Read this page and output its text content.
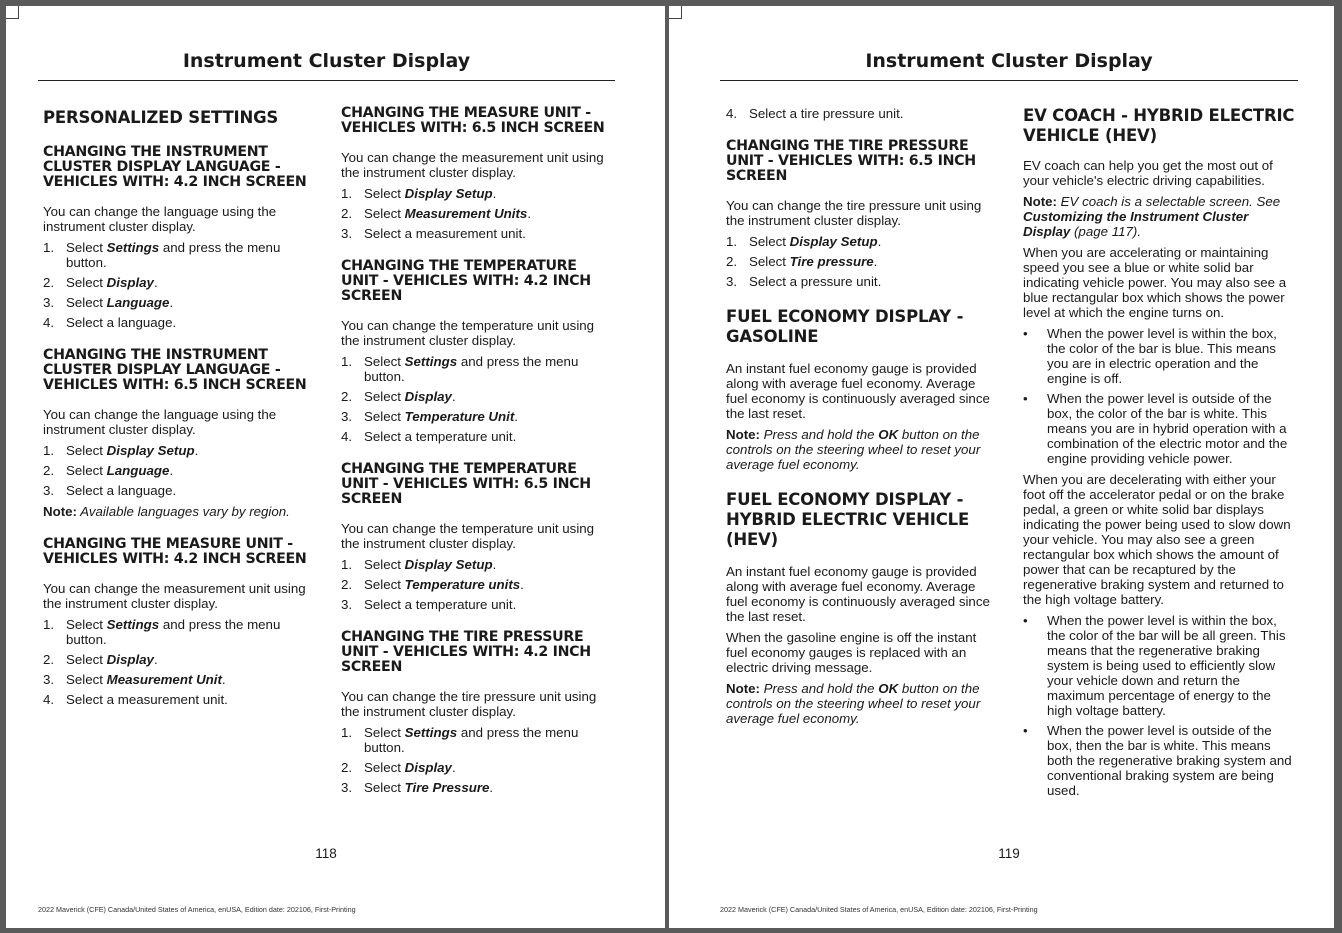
Instrument Cluster Display
PERSONALIZED SETTINGS
CHANGING THE INSTRUMENT CLUSTER DISPLAY LANGUAGE - VEHICLES WITH: 4.2 INCH SCREEN

You can change the language using the instrument cluster display.

1. Select Settings and press the menu button.
2. Select Display.
3. Select Language.
4. Select a language.
CHANGING THE INSTRUMENT CLUSTER DISPLAY LANGUAGE - VEHICLES WITH: 6.5 INCH SCREEN

You can change the language using the instrument cluster display.

1. Select Display Setup.
2. Select Language.
3. Select a language.

Note: Available languages vary by region.

CHANGING THE MEASURE UNIT - VEHICLES WITH: 4.2 INCH SCREEN

You can change the measurement unit using the instrument cluster display.

1. Select Settings and press the menu button.
2. Select Display.
3. Select Measurement Unit.
4. Select a measurement unit.
CHANGING THE MEASURE UNIT - VEHICLES WITH: 6.5 INCH SCREEN

You can change the measurement unit using the instrument cluster display.

1. Select Display Setup.
2. Select Measurement Units.
3. Select a measurement unit.
CHANGING THE TEMPERATURE UNIT - VEHICLES WITH: 4.2 INCH SCREEN

You can change the temperature unit using the instrument cluster display.

1. Select Settings and press the menu button.
2. Select Display.
3. Select Temperature Unit.
4. Select a temperature unit.
CHANGING THE TEMPERATURE UNIT - VEHICLES WITH: 6.5 INCH SCREEN

You can change the temperature unit using the instrument cluster display.

1. Select Display Setup.
2. Select Temperature units.
3. Select a temperature unit.
CHANGING THE TIRE PRESSURE UNIT - VEHICLES WITH: 4.2 INCH SCREEN

You can change the tire pressure unit using the instrument cluster display.

1. Select Settings and press the menu button.
2. Select Display.
3. Select Tire Pressure.
118
2022 Maverick (CFE) Canada/United States of America, enUSA, Edition date: 202106, First-Printing
Instrument Cluster Display
4. Select a tire pressure unit.
CHANGING THE TIRE PRESSURE UNIT - VEHICLES WITH: 6.5 INCH SCREEN

You can change the tire pressure unit using the instrument cluster display.

1. Select Display Setup.
2. Select Tire pressure.
3. Select a pressure unit.
FUEL ECONOMY DISPLAY - GASOLINE

An instant fuel economy gauge is provided along with average fuel economy. Average fuel economy is continuously averaged since the last reset.

Note: Press and hold the OK button on the controls on the steering wheel to reset your average fuel economy.

FUEL ECONOMY DISPLAY - HYBRID ELECTRIC VEHICLE (HEV)

An instant fuel economy gauge is provided along with average fuel economy. Average fuel economy is continuously averaged since the last reset.

When the gasoline engine is off the instant fuel economy gauges is replaced with an electric driving message.

Note: Press and hold the OK button on the controls on the steering wheel to reset your average fuel economy.

EV COACH - HYBRID ELECTRIC VEHICLE (HEV)

EV coach can help you get the most out of your vehicle's electric driving capabilities.

Note: EV coach is a selectable screen. See Customizing the Instrument Cluster Display (page 117).

When you are accelerating or maintaining speed you see a blue or white solid bar indicating vehicle power. You may also see a blue rectangular box which shows the power level at which the engine turns on.

•	When the power level is within the box, the color of the bar is blue. This means you are in electric operation and the engine is off.
•	When the power level is outside of the box, the color of the bar is white. This means you are in hybrid operation with a combination of the electric motor and the engine providing vehicle power.

When you are decelerating with either your foot off the accelerator pedal or on the brake pedal, a green or white solid bar displays indicating the power being used to slow down your vehicle. You may also see a green rectangular box which shows the amount of power that can be recaptured by the regenerative braking system and returned to the high voltage battery.

•	When the power level is within the box, the color of the bar will be all green. This means that the regenerative braking system is being used to efficiently slow your vehicle down and return the maximum percentage of energy to the high voltage battery.
•	When the power level is outside of the box, then the bar is white. This means both the regenerative braking system and conventional braking system are being used.
119
2022 Maverick (CFE) Canada/United States of America, enUSA, Edition date: 202106, First-Printing
